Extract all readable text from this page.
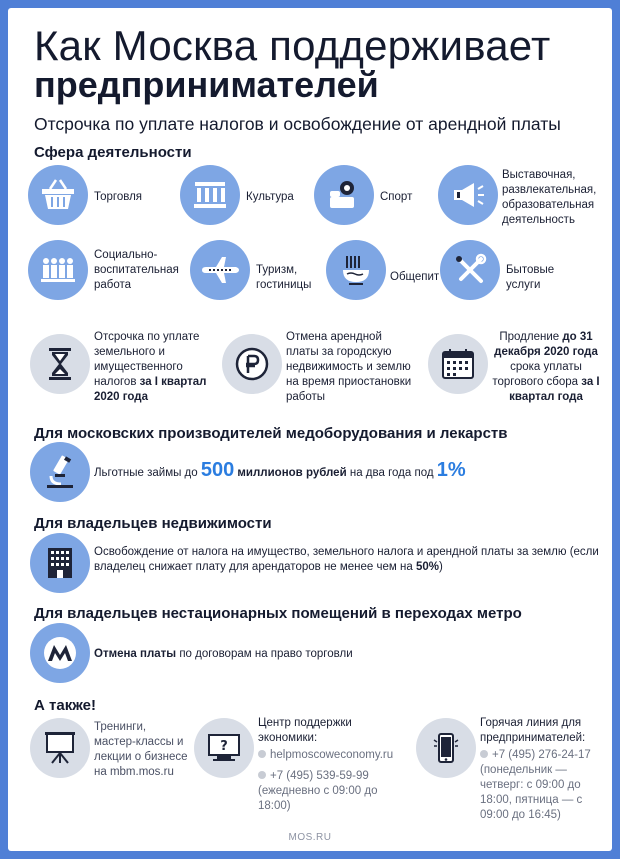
Как Москва поддерживает
предпринимателей
Отсрочка по уплате налогов и освобождение от арендной платы
Сфера деятельности
Торговля	Культура	Спорт
Выставочная, развлекательная, образовательная деятельность
Социально-воспитательная работа
Туризм, гостиницы
Общепит
Бытовые услуги
Отсрочка по уплате земельного и имущественного налогов за I квартал 2020 года
Отмена арендной платы за городскую недвижимость и землю на время приостановки работы
Продление до 31 декабря 2020 года срока уплаты торгового сбора за I квартал года
Для московских производителей медоборудования и лекарств
Льготные займы до 500 миллионов рублей на два года под 1%
Для владельцев недвижимости
Освобождение от налога на имущество, земельного налога и арендной платы за землю (если владелец снижает плату для арендаторов не менее чем на 50%)
Для владельцев нестационарных помещений в переходах метро
Отмена платы по договорам на право торговли
А также!
Тренинги, мастер-классы и лекции о бизнесе на mbm.mos.ru
?
Центр поддержки экономики:
helpmoscoweconomy.ru
+7 (495) 539-59-99 (ежедневно с 09:00 до 18:00)
Горячая линия для предпринимателей:
+7 (495) 276-24-17 (понедельник — четверг: с 09:00 до 18:00, пятница — с 09:00 до 16:45)
MOS.RU
